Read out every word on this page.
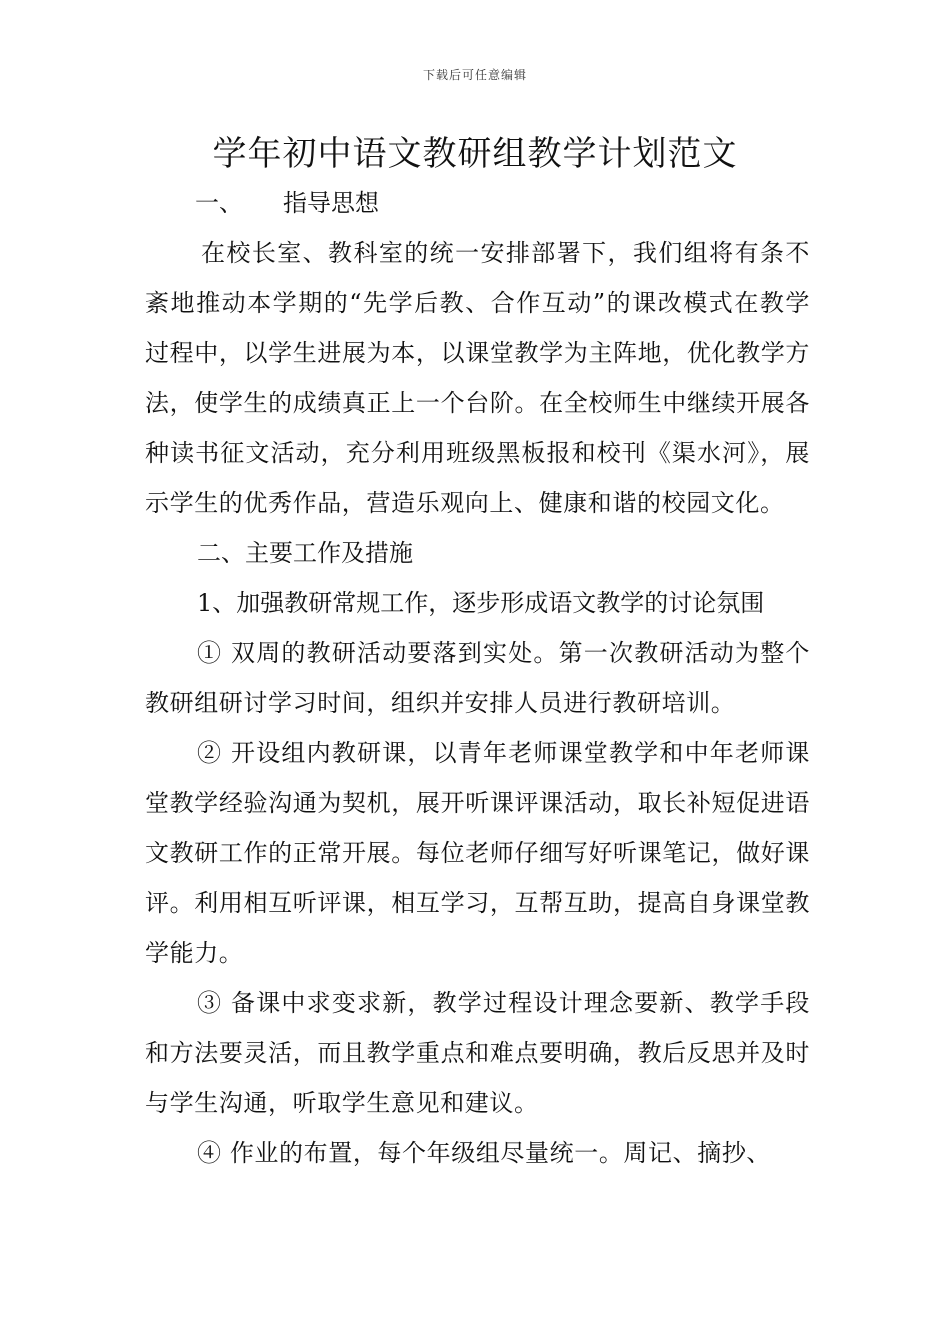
下载后可任意编辑
学年初中语文教研组教学计划范文

一、 指导思想

在校长室、教科室的统一安排部署下，我们组将有条不紊地推动本学期的“先学后教、合作互动”的课改模式在教学过程中，以学生进展为本，以课堂教学为主阵地，优化教学方法，使学生的成绩真正上一个台阶。在全校师生中继续开展各种读书征文活动，充分利用班级黑板报和校刊《渠水河》，展示学生的优秀作品，营造乐观向上、健康和谐的校园文化。

二、主要工作及措施

1、加强教研常规工作，逐步形成语文教学的讨论氛围

① 双周的教研活动要落到实处。第一次教研活动为整个教研组研讨学习时间，组织并安排人员进行教研培训。

② 开设组内教研课，以青年老师课堂教学和中年老师课堂教学经验沟通为契机，展开听课评课活动，取长补短促进语文教研工作的正常开展。每位老师仔细写好听课笔记，做好课评。利用相互听评课，相互学习，互帮互助，提高自身课堂教学能力。

③ 备课中求变求新，教学过程设计理念要新、教学手段和方法要灵活，而且教学重点和难点要明确，教后反思并及时与学生沟通，听取学生意见和建议。

④ 作业的布置，每个年级组尽量统一。周记、摘抄、
